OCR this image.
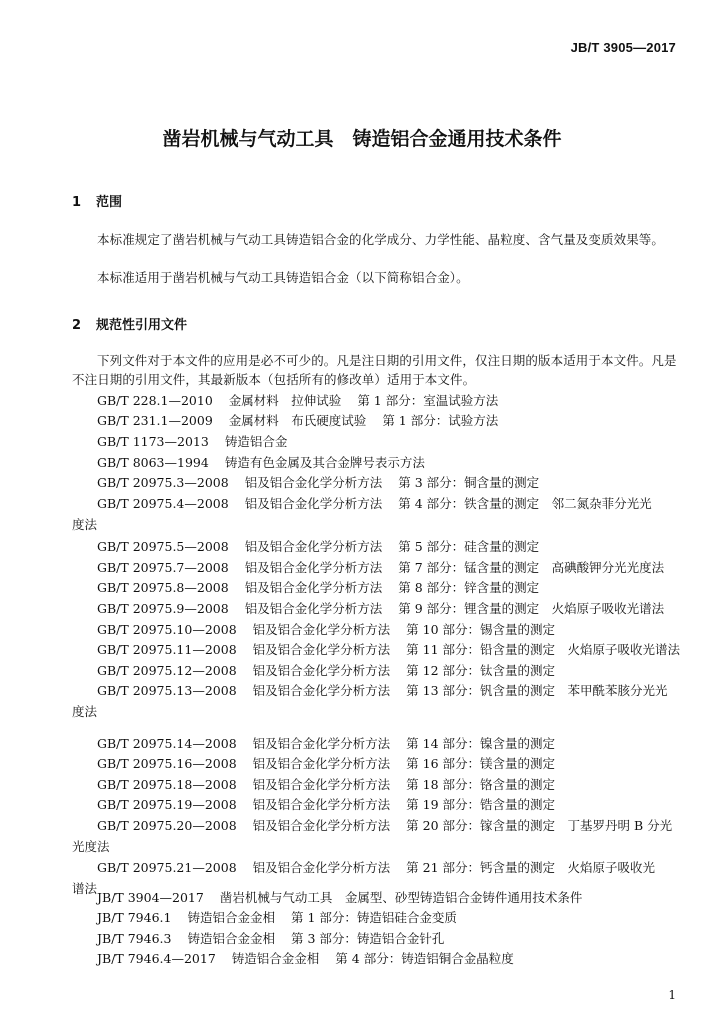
JB/T 3905—2017
凿岩机械与气动工具　铸造铝合金通用技术条件
1 范围

本标准规定了凿岩机械与气动工具铸造铝合金的化学成分、力学性能、晶粒度、含气量及变质效果等。

本标准适用于凿岩机械与气动工具铸造铝合金（以下简称铝合金）。

2 规范性引用文件

下列文件对于本文件的应用是必不可少的。凡是注日期的引用文件，仅注日期的版本适用于本文件。凡是不注日期的引用文件，其最新版本（包括所有的修改单）适用于本文件。

GB/T 228.1—2010 金属材料　拉伸试验 第 1 部分：室温试验方法
GB/T 231.1—2009 金属材料　布氏硬度试验 第 1 部分：试验方法
GB/T 1173—2013 铸造铝合金
GB/T 8063—1994 铸造有色金属及其合金牌号表示方法
GB/T 20975.3—2008 铝及铝合金化学分析方法 第 3 部分：铜含量的测定
GB/T 20975.4—2008 铝及铝合金化学分析方法 第 4 部分：铁含量的测定　邻二氮杂菲分光光
度法
GB/T 20975.5—2008 铝及铝合金化学分析方法 第 5 部分：硅含量的测定
GB/T 20975.7—2008 铝及铝合金化学分析方法 第 7 部分：锰含量的测定　高碘酸钾分光光度法
GB/T 20975.8—2008 铝及铝合金化学分析方法 第 8 部分：锌含量的测定
GB/T 20975.9—2008 铝及铝合金化学分析方法 第 9 部分：锂含量的测定　火焰原子吸收光谱法
GB/T 20975.10—2008 铝及铝合金化学分析方法 第 10 部分：锡含量的测定
GB/T 20975.11—2008 铝及铝合金化学分析方法 第 11 部分：铅含量的测定　火焰原子吸收光谱法
GB/T 20975.12—2008 铝及铝合金化学分析方法 第 12 部分：钛含量的测定
GB/T 20975.13—2008 铝及铝合金化学分析方法 第 13 部分：钒含量的测定　苯甲酰苯胲分光光
度法
GB/T 20975.14—2008 铝及铝合金化学分析方法 第 14 部分：镍含量的测定
GB/T 20975.16—2008 铝及铝合金化学分析方法 第 16 部分：镁含量的测定
GB/T 20975.18—2008 铝及铝合金化学分析方法 第 18 部分：铬含量的测定
GB/T 20975.19—2008 铝及铝合金化学分析方法 第 19 部分：锆含量的测定
GB/T 20975.20—2008 铝及铝合金化学分析方法 第 20 部分：镓含量的测定　丁基罗丹明 B 分光
光度法
GB/T 20975.21—2008 铝及铝合金化学分析方法 第 21 部分：钙含量的测定　火焰原子吸收光
谱法
JB/T 3904—2017 凿岩机械与气动工具　金属型、砂型铸造铝合金铸件通用技术条件
JB/T 7946.1 铸造铝合金金相 第 1 部分：铸造铝硅合金变质
JB/T 7946.3 铸造铝合金金相 第 3 部分：铸造铝合金针孔
JB/T 7946.4—2017 铸造铝合金金相 第 4 部分：铸造铝铜合金晶粒度
1
